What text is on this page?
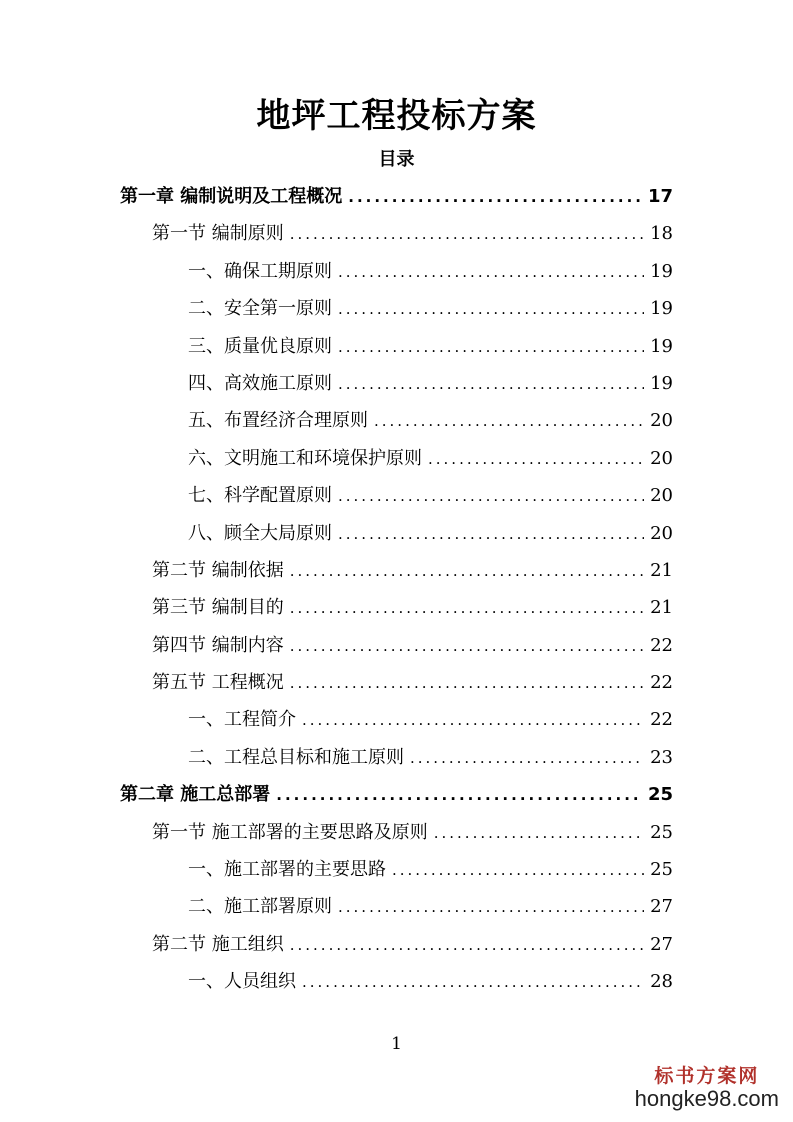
地坪工程投标方案
目录
第一章 编制说明及工程概况 .....	17
第一节 编制原则 .....	18
一、确保工期原则 .....	19
二、安全第一原则 .....	19
三、质量优良原则 .....	19
四、高效施工原则 .....	19
五、布置经济合理原则 .....	20
六、文明施工和环境保护原则 .....	20
七、科学配置原则 .....	20
八、顾全大局原则 .....	20
第二节 编制依据 .....	21
第三节 编制目的 .....	21
第四节 编制内容 .....	22
第五节 工程概况 .....	22
一、工程简介 .....	22
二、工程总目标和施工原则 .....	23
第二章 施工总部署 .....	25
第一节 施工部署的主要思路及原则 .....	25
一、施工部署的主要思路 .....	25
二、施工部署原则 .....	27
第二节 施工组织 .....	27
一、人员组织 .....	28
1
标书方案网
hongke98.com
